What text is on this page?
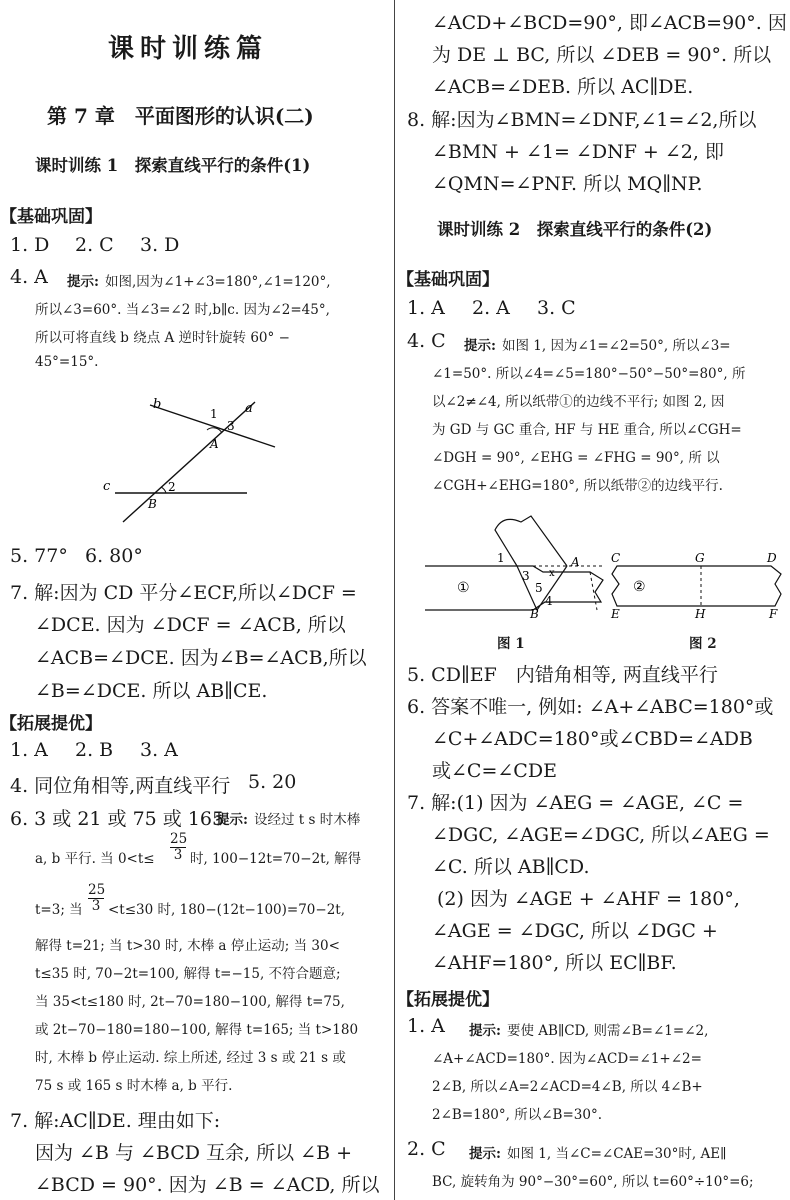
课时训练篇
第 7 章　平面图形的认识(二)
课时训练 1　探索直线平行的条件(1)
【基础巩固】
1. D 2. C 3. D
4. A 提示: 如图,因为∠1+∠3=180°,∠1=120°,
所以∠3=60°. 当∠3=∠2 时,b∥c. 因为∠2=45°,
所以可将直线 b 绕点 A 逆时针旋转 60° −
45°=15°.
b	a
1
3
A
c	2
B
5. 77° 6. 80°
7. 解:因为 CD 平分∠ECF,所以∠DCF =
∠DCE. 因为 ∠DCF = ∠ACB, 所以
∠ACB=∠DCE. 因为∠B=∠ACB,所以
∠B=∠DCE. 所以 AB∥CE.
【拓展提优】
1. A 2. B 3. A
4. 同位角相等,两直线平行 5. 20
6. 3 或 21 或 75 或 165
提示: 设经过 t s 时木棒
a, b 平行. 当 $0<t\le \frac{25}{3}$ 时, 100−12t=70−2t, 解得
t=3; 当 $\frac{25}{3} <t\le 30$ 时, 180−(12t−100)=70−2t,
解得 t=21; 当 t>30 时, 木棒 a 停止运动; 当 30<
t≤35 时, 70−2t=100, 解得 t=−15, 不符合题意;
当 35<t≤180 时, 2t−70=180−100, 解得 t=75,
或 2t−70−180=180−100, 解得 t=165; 当 t>180
时, 木棒 b 停止运动. 综上所述, 经过 3 s 或 21 s 或
75 s 或 165 s 时木棒 a, b 平行.
7. 解:AC∥DE. 理由如下:
因为 ∠B 与 ∠BCD 互余, 所以 ∠B +
∠BCD = 90°. 因为 ∠B = ∠ACD, 所以
∠ACD+∠BCD=90°, 即∠ACB=90°. 因
为 DE ⊥ BC, 所以 ∠DEB = 90°. 所以
∠ACB=∠DEB. 所以 AC∥DE.
8. 解:因为∠BMN=∠DNF,∠1=∠2,所以
∠BMN + ∠1= ∠DNF + ∠2, 即
∠QMN=∠PNF. 所以 MQ∥NP.
课时训练 2　探索直线平行的条件(2)
【基础巩固】
1. A 2. A 3. C
4. C 提示: 如图 1, 因为∠1=∠2=50°, 所以∠3=
∠1=50°. 所以∠4=∠5=180°−50°−50°=80°, 所
以∠2≠∠4, 所以纸带①的边线不平行; 如图 2, 因
为 GD 与 GC 重合, HF 与 HE 重合, 所以∠CGH=
∠DGH = 90°, ∠EHG = ∠FHG = 90°, 所 以
∠CGH+∠EHG=180°, 所以纸带②的边线平行.
1	A
x
3
5
4
B
①
C	G	D
②
E	H	F
图 1	图 2
5. CD∥EF　内错角相等, 两直线平行
6. 答案不唯一, 例如: ∠A+∠ABC=180°或
∠C+∠ADC=180°或∠CBD=∠ADB
或∠C=∠CDE
7. 解:(1) 因为 ∠AEG = ∠AGE, ∠C =
∠DGC, ∠AGE=∠DGC, 所以∠AEG =
∠C. 所以 AB∥CD.
(2) 因为 ∠AGE + ∠AHF = 180°,
∠AGE = ∠DGC, 所以 ∠DGC +
∠AHF=180°, 所以 EC∥BF.
【拓展提优】
1. A 提示: 要使 AB∥CD, 则需∠B=∠1=∠2,
∠A+∠ACD=180°. 因为∠ACD=∠1+∠2=
2∠B, 所以∠A=2∠ACD=4∠B, 所以 4∠B+
2∠B=180°, 所以∠B=30°.
2. C 提示: 如图 1, 当∠C=∠CAE=30°时, AE∥
BC, 旋转角为 90°−30°=60°, 所以 t=60°÷10°=6;
